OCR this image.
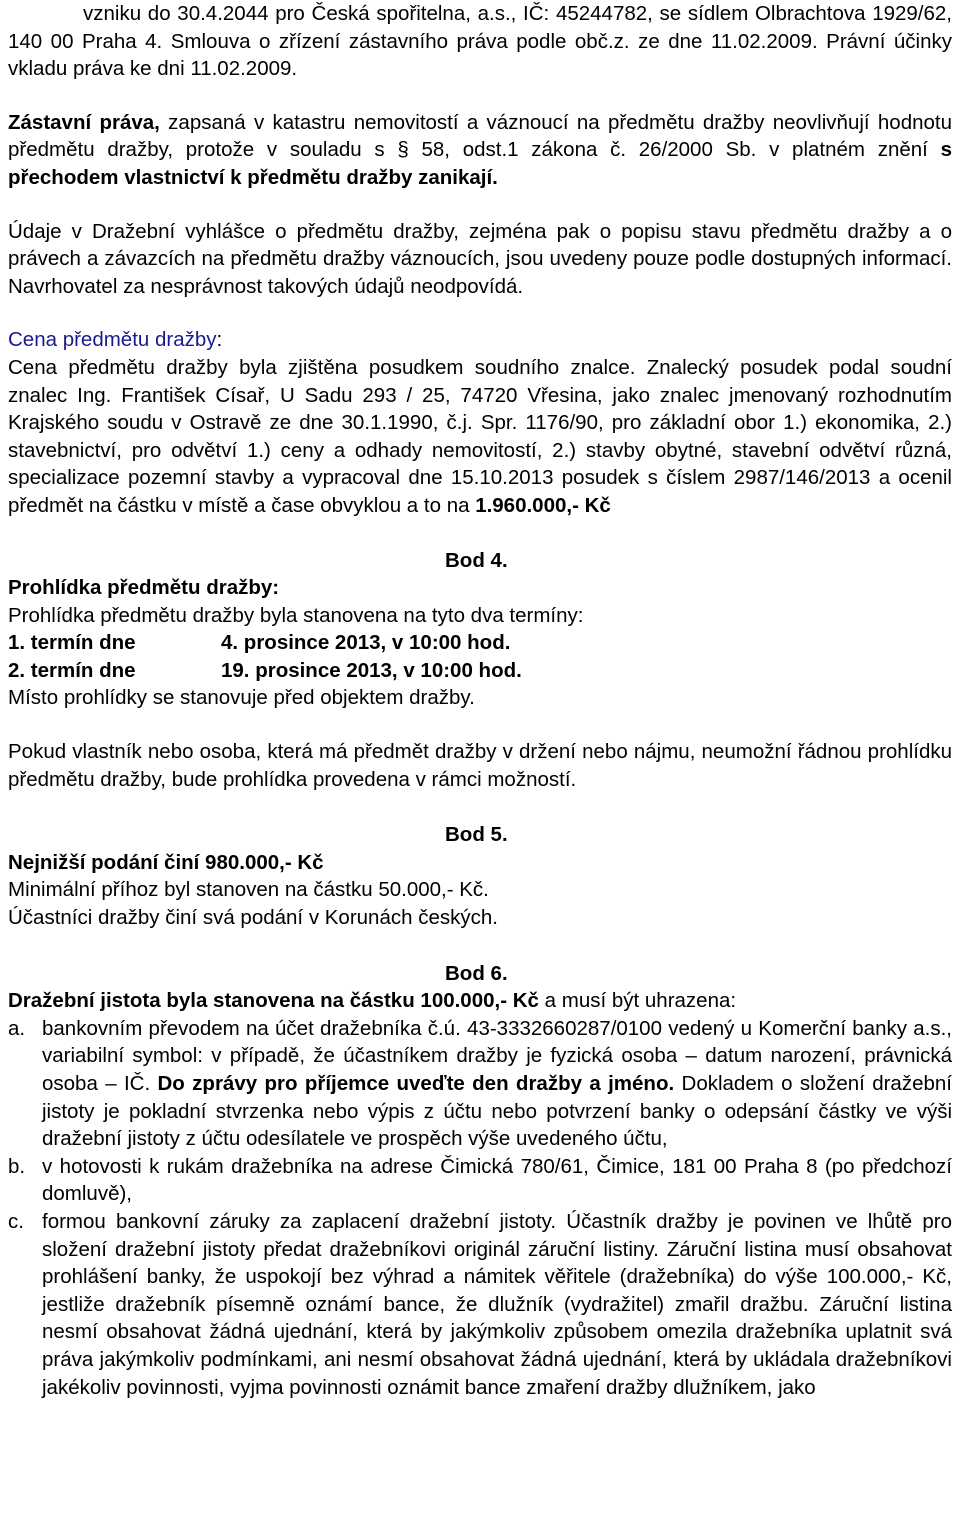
vzniku do 30.4.2044 pro Česká spořitelna, a.s., IČ: 45244782, se sídlem Olbrachtova 1929/62, 140 00 Praha 4. Smlouva o zřízení zástavního práva podle obč.z. ze dne 11.02.2009. Právní účinky vkladu práva ke dni 11.02.2009.

Zástavní práva, zapsaná v katastru nemovitostí a váznoucí na předmětu dražby neovlivňují hodnotu předmětu dražby, protože v souladu s § 58, odst.1 zákona č. 26/2000 Sb. v platném znění s přechodem vlastnictví k předmětu dražby zanikají.

Údaje v Dražební vyhlášce o předmětu dražby, zejména pak o popisu stavu předmětu dražby a o právech a závazcích na předmětu dražby váznoucích, jsou uvedeny pouze podle dostupných informací. Navrhovatel za nesprávnost takových údajů neodpovídá.

Cena předmětu dražby:

Cena předmětu dražby byla zjištěna posudkem soudního znalce. Znalecký posudek podal soudní znalec Ing. František Císař, U Sadu 293 / 25, 74720 Vřesina, jako znalec jmenovaný rozhodnutím Krajského soudu v Ostravě ze dne 30.1.1990, č.j. Spr. 1176/90, pro základní obor 1.) ekonomika, 2.) stavebnictví, pro odvětví 1.) ceny a odhady nemovitostí, 2.) stavby obytné, stavební odvětví různá, specializace pozemní stavby a vypracoval dne 15.10.2013 posudek s číslem 2987/146/2013 a ocenil předmět na částku v místě a čase obvyklou a to na 1.960.000,- Kč

Bod 4.

Prohlídka předmětu dražby:

Prohlídka předmětu dražby byla stanovena na tyto dva termíny:

1. termín dne	4. prosince 2013, v 10:00 hod.
2. termín dne	19. prosince 2013, v 10:00 hod.

Místo prohlídky se stanovuje před objektem dražby.

Pokud vlastník nebo osoba, která má předmět dražby v držení nebo nájmu, neumožní řádnou prohlídku předmětu dražby, bude prohlídka provedena v rámci možností.

Bod 5.

Nejnižší podání činí 980.000,- Kč

Minimální příhoz byl stanoven na částku 50.000,- Kč.

Účastníci dražby činí svá podání v Korunách českých.

Bod 6.

Dražební jistota byla stanovena na částku 100.000,- Kč a musí být uhrazena:

a. bankovním převodem na účet dražebníka č.ú. 43-3332660287/0100 vedený u Komerční banky a.s., variabilní symbol: v případě, že účastníkem dražby je fyzická osoba – datum narození, právnická osoba – IČ. Do zprávy pro příjemce uveďte den dražby a jméno. Dokladem o složení dražební jistoty je pokladní stvrzenka nebo výpis z účtu nebo potvrzení banky o odepsání částky ve výši dražební jistoty z účtu odesílatele ve prospěch výše uvedeného účtu,
b. v hotovosti k rukám dražebníka na adrese Čimická 780/61, Čimice, 181 00 Praha 8 (po předchozí domluvě),
c. formou bankovní záruky za zaplacení dražební jistoty. Účastník dražby je povinen ve lhůtě pro složení dražební jistoty předat dražebníkovi originál záruční listiny. Záruční listina musí obsahovat prohlášení banky, že uspokojí bez výhrad a námitek věřitele (dražebníka) do výše 100.000,- Kč, jestliže dražebník písemně oznámí bance, že dlužník (vydražitel) zmařil dražbu. Záruční listina nesmí obsahovat žádná ujednání, která by jakýmkoliv způsobem omezila dražebníka uplatnit svá práva jakýmkoliv podmínkami, ani nesmí obsahovat žádná ujednání, která by ukládala dražebníkovi jakékoliv povinnosti, vyjma povinnosti oznámit bance zmaření dražby dlužníkem, jako
